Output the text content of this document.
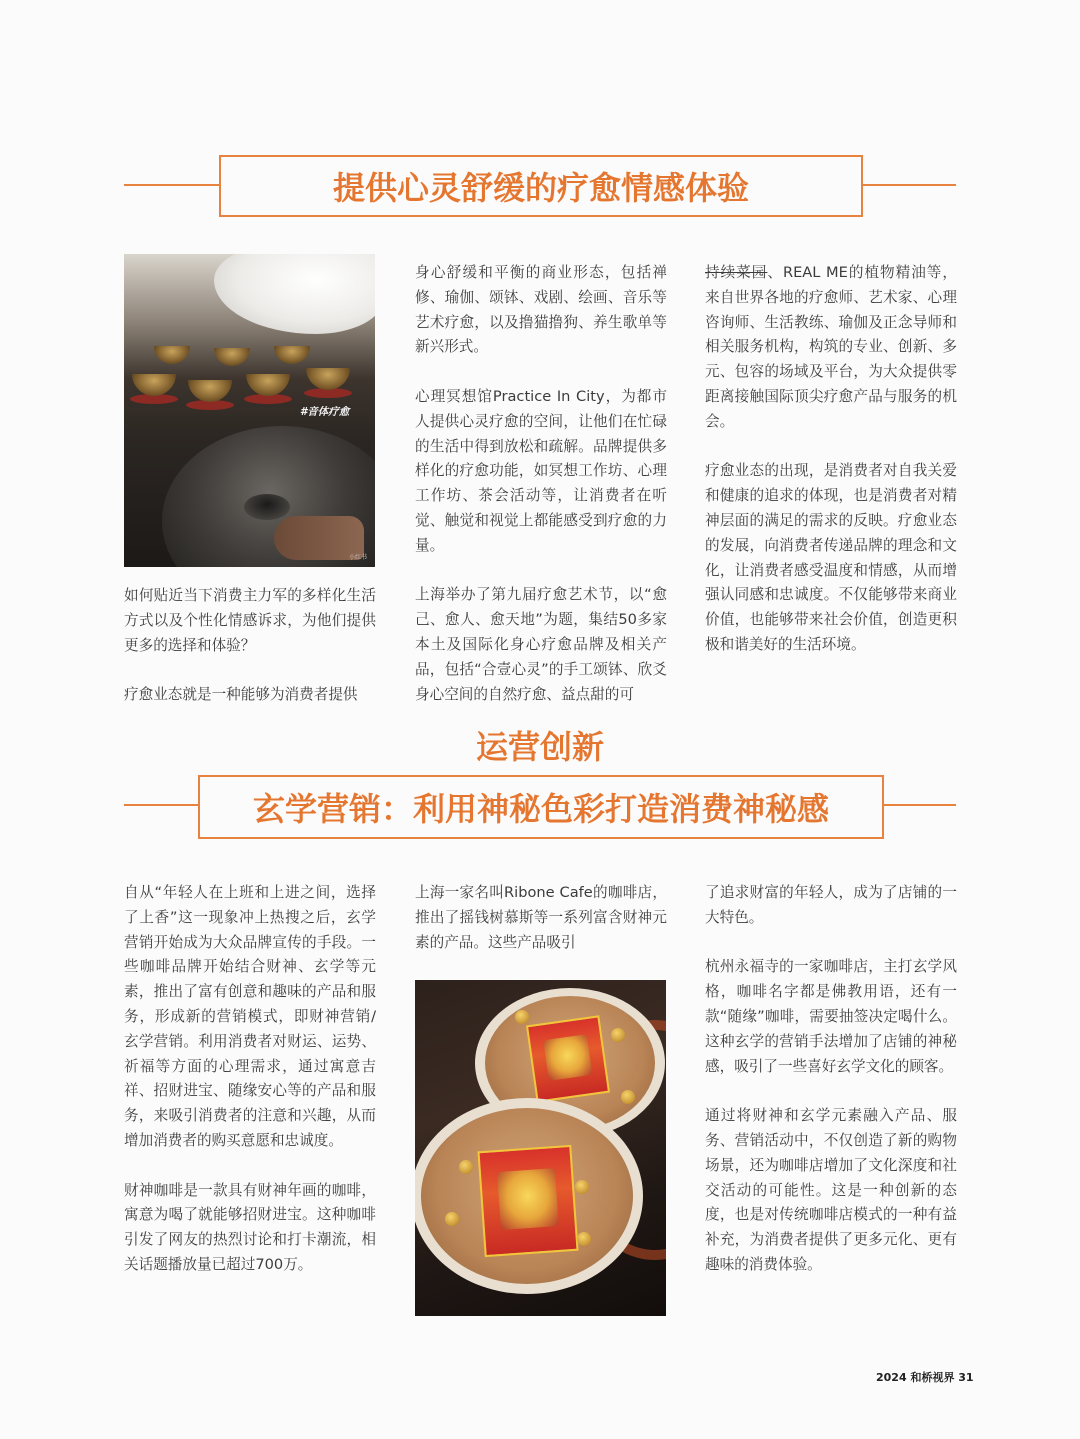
提供心灵舒缓的疗愈情感体验
#音体疗愈
小红书

如何贴近当下消费主力军的多样化生活方式以及个性化情感诉求，为他们提供更多的选择和体验？

疗愈业态就是一种能够为消费者提供

身心舒缓和平衡的商业形态，包括禅修、瑜伽、颂钵、戏剧、绘画、音乐等艺术疗愈，以及撸猫撸狗、养生歌单等新兴形式。

心理冥想馆Practice In City，为都市人提供心灵疗愈的空间，让他们在忙碌的生活中得到放松和疏解。品牌提供多样化的疗愈功能，如冥想工作坊、心理工作坊、茶会活动等，让消费者在听觉、触觉和视觉上都能感受到疗愈的力量。

上海举办了第九届疗愈艺术节，以“愈己、愈人、愈天地”为题，集结50多家本土及国际化身心疗愈品牌及相关产品，包括“合壹心灵”的手工颂钵、欣爻身心空间的自然疗愈、益点甜的可

持续菜园、REAL ME的植物精油等，来自世界各地的疗愈师、艺术家、心理咨询师、生活教练、瑜伽及正念导师和相关服务机构，构筑的专业、创新、多元、包容的场域及平台，为大众提供零距离接触国际顶尖疗愈产品与服务的机会。

疗愈业态的出现，是消费者对自我关爱和健康的追求的体现，也是消费者对精神层面的满足的需求的反映。疗愈业态的发展，向消费者传递品牌的理念和文化，让消费者感受温度和情感，从而增强认同感和忠诚度。不仅能够带来商业价值，也能够带来社会价值，创造更积极和谐美好的生活环境。

运营创新
玄学营销：利用神秘色彩打造消费神秘感

自从“年轻人在上班和上进之间，选择了上香”这一现象冲上热搜之后，玄学营销开始成为大众品牌宣传的手段。一些咖啡品牌开始结合财神、玄学等元素，推出了富有创意和趣味的产品和服务，形成新的营销模式，即财神营销/玄学营销。利用消费者对财运、运势、祈福等方面的心理需求，通过寓意吉祥、招财进宝、随缘安心等的产品和服务，来吸引消费者的注意和兴趣，从而增加消费者的购买意愿和忠诚度。

财神咖啡是一款具有财神年画的咖啡，寓意为喝了就能够招财进宝。这种咖啡引发了网友的热烈讨论和打卡潮流，相关话题播放量已超过700万。

上海一家名叫Ribone Cafe的咖啡店，推出了摇钱树慕斯等一系列富含财神元素的产品。这些产品吸引

了追求财富的年轻人，成为了店铺的一大特色。

杭州永福寺的一家咖啡店，主打玄学风格，咖啡名字都是佛教用语，还有一款“随缘”咖啡，需要抽签决定喝什么。这种玄学的营销手法增加了店铺的神秘感，吸引了一些喜好玄学文化的顾客。

通过将财神和玄学元素融入产品、服务、营销活动中，不仅创造了新的购物场景，还为咖啡店增加了文化深度和社交活动的可能性。这是一种创新的态度，也是对传统咖啡店模式的一种有益补充，为消费者提供了更多元化、更有趣味的消费体验。

2024 和桥视界 31
